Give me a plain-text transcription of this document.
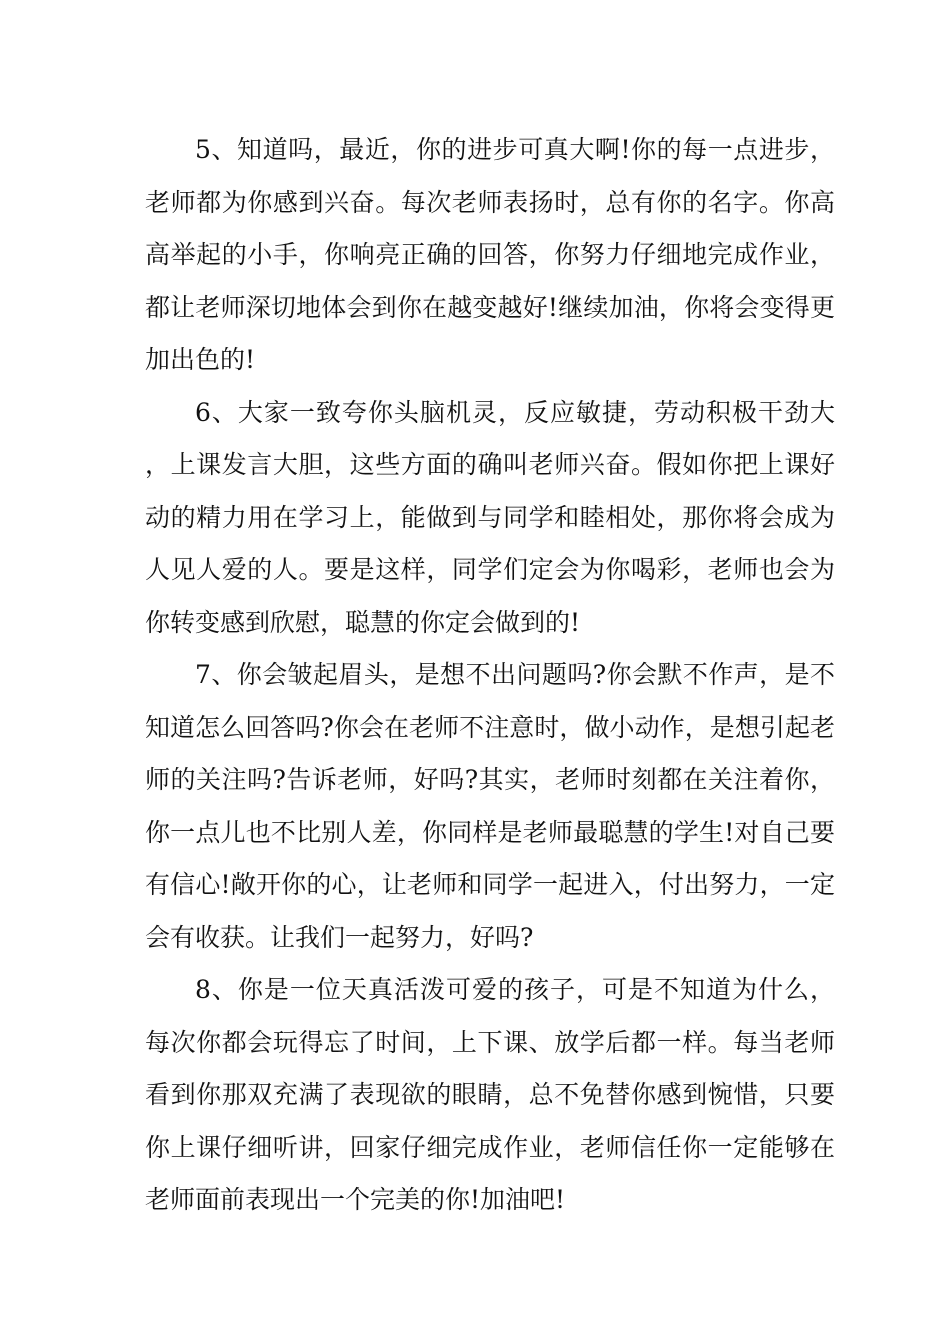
5、知道吗，最近，你的进步可真大啊!你的每一点进步，老师都为你感到兴奋。每次老师表扬时，总有你的名字。你高高举起的小手，你响亮正确的回答，你努力仔细地完成作业，都让老师深切地体会到你在越变越好!继续加油，你将会变得更加出色的!

6、大家一致夸你头脑机灵，反应敏捷，劳动积极干劲大，上课发言大胆，这些方面的确叫老师兴奋。假如你把上课好动的精力用在学习上，能做到与同学和睦相处，那你将会成为人见人爱的人。要是这样，同学们定会为你喝彩，老师也会为你转变感到欣慰，聪慧的你定会做到的!

7、你会皱起眉头，是想不出问题吗?你会默不作声，是不知道怎么回答吗?你会在老师不注意时，做小动作，是想引起老师的关注吗?告诉老师，好吗?其实，老师时刻都在关注着你，你一点儿也不比别人差，你同样是老师最聪慧的学生!对自己要有信心!敞开你的心，让老师和同学一起进入，付出努力，一定会有收获。让我们一起努力，好吗?

8、你是一位天真活泼可爱的孩子，可是不知道为什么，每次你都会玩得忘了时间，上下课、放学后都一样。每当老师看到你那双充满了表现欲的眼睛，总不免替你感到惋惜，只要你上课仔细听讲，回家仔细完成作业，老师信任你一定能够在老师面前表现出一个完美的你!加油吧!
